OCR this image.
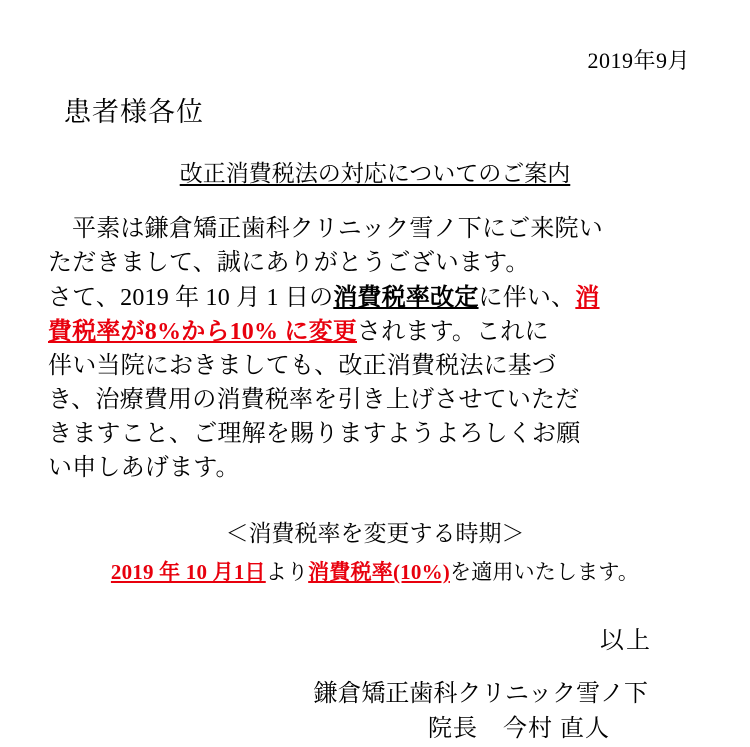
2019年9月
患者様各位
改正消費税法の対応についてのご案内

平素は鎌倉矯正歯科クリニック雪ノ下にご来院い

ただきまして、誠にありがとうございます。

さて、2019 年 10 月 1 日の消費税率改定に伴い、消

費税率が8%から10% に変更されます。これに

伴い当院におきましても、改正消費税法に基づ

き、治療費用の消費税率を引き上げさせていただ

きますこと、ご理解を賜りますようよろしくお願

い申しあげます。

＜消費税率を変更する時期＞
2019 年 10 月1日より消費税率(10%)を適用いたします。
以上
鎌倉矯正歯科クリニック雪ノ下
院長　今村 直人
